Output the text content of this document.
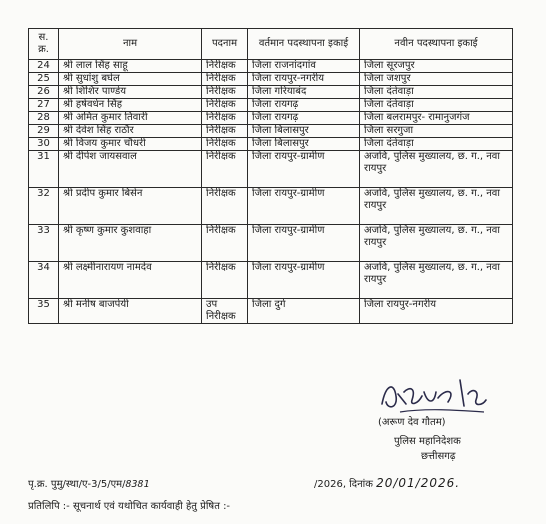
स. क्र.	नाम	पदनाम	वर्तमान पदस्थापना इकाई	नवीन पदस्थापना इकाई
24	श्री लाल सिंह साहू	निरीक्षक	जिला राजनांदगांव	जिला सूरजपुर
25	श्री सुधांशु बघेल	निरीक्षक	जिला रायपुर-नगरीय	जिला जशपुर
26	श्री शिशिर पाण्डेय	निरीक्षक	जिला गरियाबंद	जिला दंतेवाड़ा
27	श्री हर्षवर्धन सिंह	निरीक्षक	जिला रायगढ़	जिला दंतेवाड़ा
28	श्री अमित कुमार तिवारी	निरीक्षक	जिला रायगढ़	जिला बलरामपुर- रामानुजगंज
29	श्री देवेश सिंह राठौर	निरीक्षक	जिला बिलासपुर	जिला सरगुजा
30	श्री विजय कुमार चौधरी	निरीक्षक	जिला बिलासपुर	जिला दंतेवाड़ा
31	श्री दीपेश जायसवाल	निरीक्षक	जिला रायपुर-ग्रामीण	अजवि, पुलिस मुख्यालय, छ. ग., नवा रायपुर
32	श्री प्रदीप कुमार बिसेन	निरीक्षक	जिला रायपुर-ग्रामीण	अजवि, पुलिस मुख्यालय, छ. ग., नवा रायपुर
33	श्री कृष्ण कुमार कुशवाहा	निरीक्षक	जिला रायपुर-ग्रामीण	अजवि, पुलिस मुख्यालय, छ. ग., नवा रायपुर
34	श्री लक्ष्मीनारायण नामदेव	निरीक्षक	जिला रायपुर-ग्रामीण	अजवि, पुलिस मुख्यालय, छ. ग., नवा रायपुर
35	श्री मनीष बाजपेयी	उप निरीक्षक	जिला दुर्ग	जिला रायपुर-नगरीय
(अरूण देव गौतम)
पुलिस महानिदेशक
छत्तीसगढ़
पृ.क्र. पुमु/स्था/ए-3/5/एम/8381	/2026, दिनांक 20/01/2026.
प्रतिलिपि :- सूचनार्थ एवं यथोचित कार्यवाही हेतु प्रेषित :-
